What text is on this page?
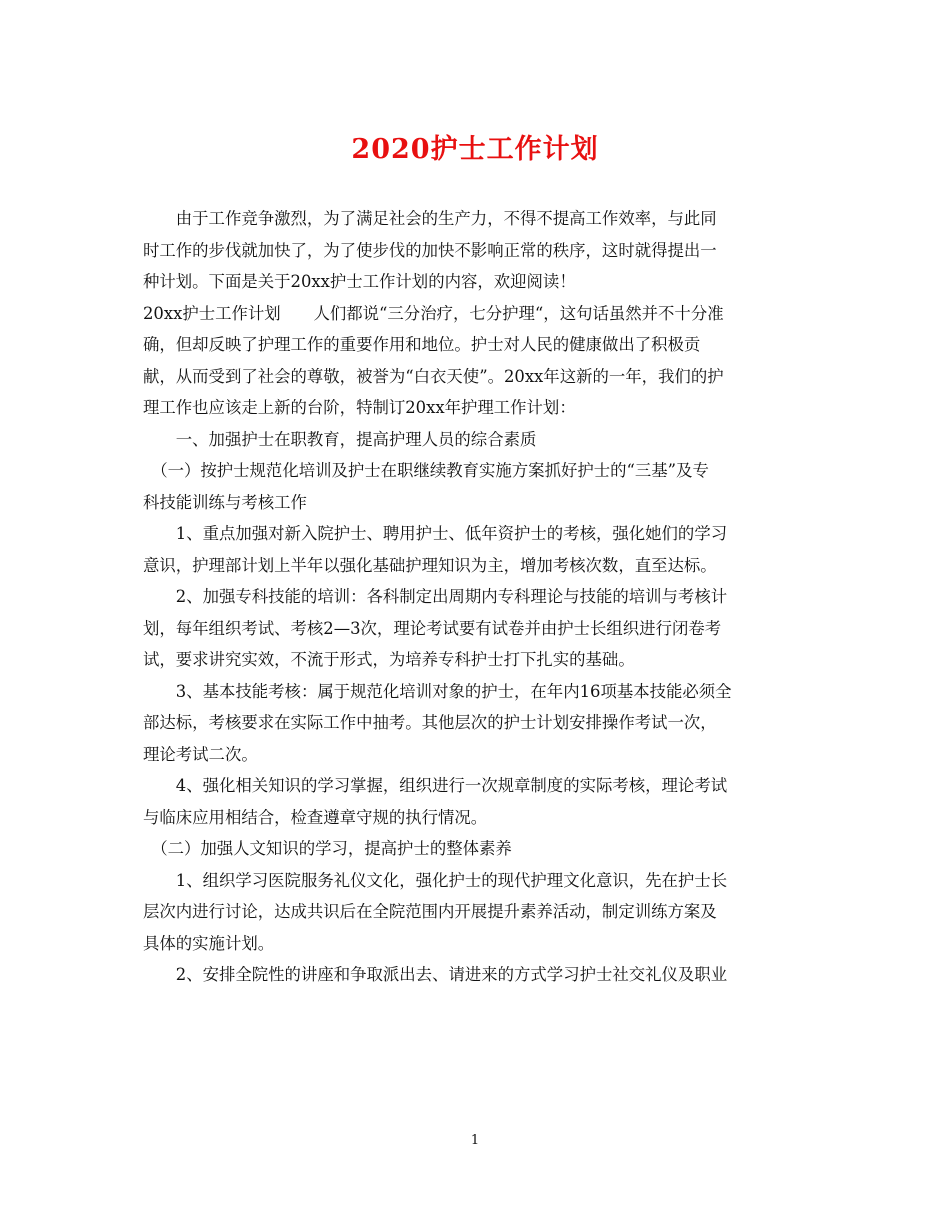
2020护士工作计划

　　由于工作竞争激烈，为了满足社会的生产力，不得不提高工作效率，与此同

时工作的步伐就加快了，为了使步伐的加快不影响正常的秩序，这时就得提出一

种计划。下面是关于20xx护士工作计划的内容，欢迎阅读！

20xx护士工作计划　　人们都说“三分治疗，七分护理“，这句话虽然并不十分准

确，但却反映了护理工作的重要作用和地位。护士对人民的健康做出了积极贡

献，从而受到了社会的尊敬，被誉为“白衣天使”。20xx年这新的一年，我们的护

理工作也应该走上新的台阶，特制订20xx年护理工作计划：

　　一、加强护士在职教育，提高护理人员的综合素质

　（一）按护士规范化培训及护士在职继续教育实施方案抓好护士的“三基”及专

科技能训练与考核工作

　　1、重点加强对新入院护士、聘用护士、低年资护士的考核，强化她们的学习

意识，护理部计划上半年以强化基础护理知识为主，增加考核次数，直至达标。

　　2、加强专科技能的培训：各科制定出周期内专科理论与技能的培训与考核计

划，每年组织考试、考核2—3次，理论考试要有试卷并由护士长组织进行闭卷考

试，要求讲究实效，不流于形式，为培养专科护士打下扎实的基础。

　　3、基本技能考核：属于规范化培训对象的护士，在年内16项基本技能必须全

部达标，考核要求在实际工作中抽考。其他层次的护士计划安排操作考试一次，

理论考试二次。

　　4、强化相关知识的学习掌握，组织进行一次规章制度的实际考核，理论考试

与临床应用相结合，检查遵章守规的执行情况。

　（二）加强人文知识的学习，提高护士的整体素养

　　1、组织学习医院服务礼仪文化，强化护士的现代护理文化意识，先在护士长

层次内进行讨论，达成共识后在全院范围内开展提升素养活动，制定训练方案及

具体的实施计划。

　　2、安排全院性的讲座和争取派出去、请进来的方式学习护士社交礼仪及职业

1
